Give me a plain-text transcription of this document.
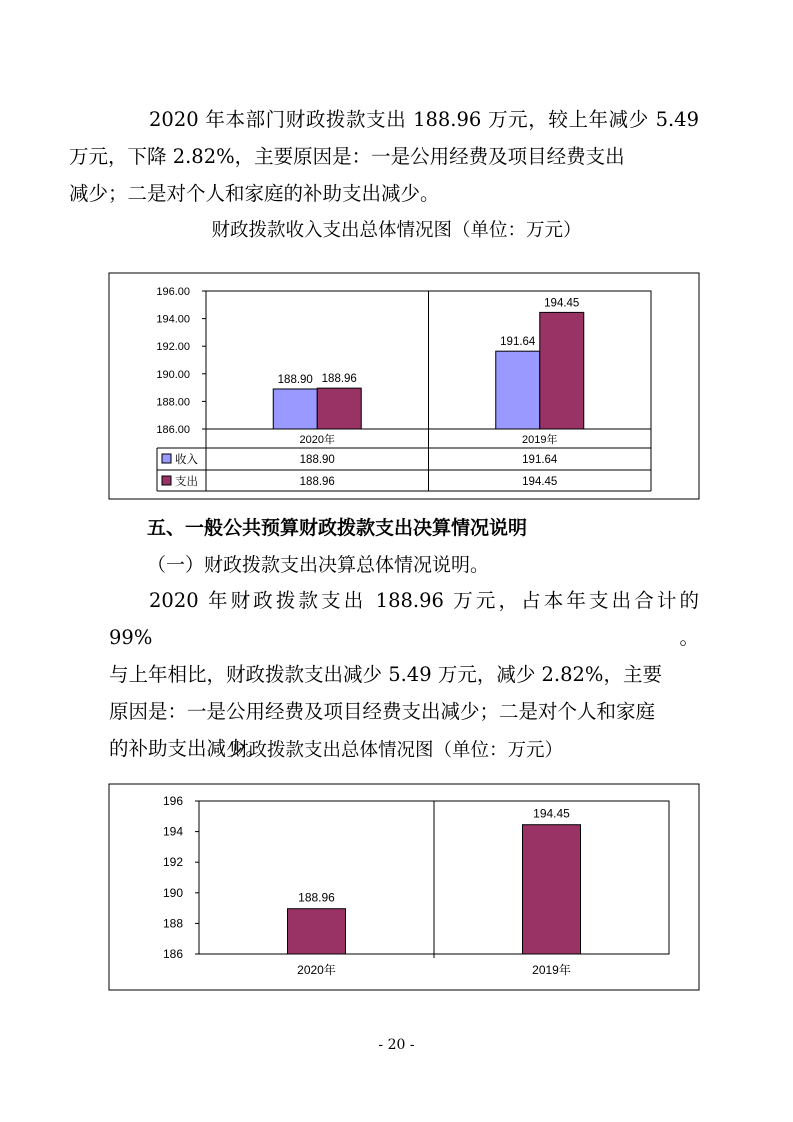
2020 年本部门财政拨款支出 188.96 万元，较上年减少 5.49
万元，下降 2.82%，主要原因是：一是公用经费及项目经费支出
减少；二是对个人和家庭的补助支出减少。

财政拨款收入支出总体情况图（单位：万元）

186.00
188.00
190.00
192.00
194.00
196.00
188.90 188.96
2020年
191.64
194.45
2019年
收入	188.90	191.64
支出	188.96	194.45

五、一般公共预算财政拨款支出决算情况说明

（一）财政拨款支出决算总体情况说明。

2020 年财政拨款支出 188.96 万元，占本年支出合计的 99%。
与上年相比，财政拨款支出减少 5.49 万元，减少 2.82%，主要
原因是：一是公用经费及项目经费支出减少；二是对个人和家庭
的补助支出减少。

财政拨款支出总体情况图（单位：万元）

186
188
190
192
194
196
188.96
2020年
194.45
2019年

- 20 -
